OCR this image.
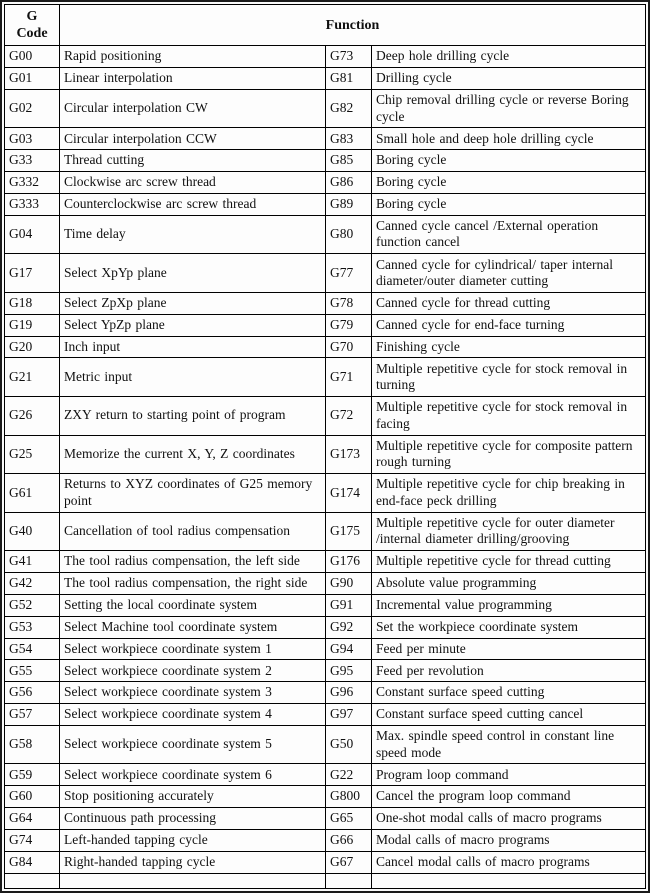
G Code	Function		
G00	Rapid positioning	G73	Deep hole drilling cycle
G01	Linear interpolation	G81	Drilling cycle
G02	Circular interpolation CW	G82	Chip removal drilling cycle or reverse Boring cycle
G03	Circular interpolation CCW	G83	Small hole and deep hole drilling cycle
G33	Thread cutting	G85	Boring cycle
G332	Clockwise arc screw thread	G86	Boring cycle
G333	Counterclockwise arc screw thread	G89	Boring cycle
G04	Time delay	G80	Canned cycle cancel /External operation function cancel
G17	Select XpYp plane	G77	Canned cycle for cylindrical/ taper internal diameter/outer diameter cutting
G18	Select ZpXp plane	G78	Canned cycle for thread cutting
G19	Select YpZp plane	G79	Canned cycle for end-face turning
G20	Inch input	G70	Finishing cycle
G21	Metric input	G71	Multiple repetitive cycle for stock removal in turning
G26	ZXY return to starting point of program	G72	Multiple repetitive cycle for stock removal in facing
G25	Memorize the current X, Y, Z coordinates	G173	Multiple repetitive cycle for composite pattern rough turning
G61	Returns to XYZ coordinates of G25 memory point	G174	Multiple repetitive cycle for chip breaking in end-face peck drilling
G40	Cancellation of tool radius compensation	G175	Multiple repetitive cycle for outer diameter /internal diameter drilling/grooving
G41	The tool radius compensation, the left side	G176	Multiple repetitive cycle for thread cutting
G42	The tool radius compensation, the right side	G90	Absolute value programming
G52	Setting the local coordinate system	G91	Incremental value programming
G53	Select Machine tool coordinate system	G92	Set the workpiece coordinate system
G54	Select workpiece coordinate system 1	G94	Feed per minute
G55	Select workpiece coordinate system 2	G95	Feed per revolution
G56	Select workpiece coordinate system 3	G96	Constant surface speed cutting
G57	Select workpiece coordinate system 4	G97	Constant surface speed cutting cancel
G58	Select workpiece coordinate system 5	G50	Max. spindle speed control in constant line speed mode
G59	Select workpiece coordinate system 6	G22	Program loop command
G60	Stop positioning accurately	G800	Cancel the program loop command
G64	Continuous path processing	G65	One-shot modal calls of macro programs
G74	Left-handed tapping cycle	G66	Modal calls of macro programs
G84	Right-handed tapping cycle	G67	Cancel modal calls of macro programs
